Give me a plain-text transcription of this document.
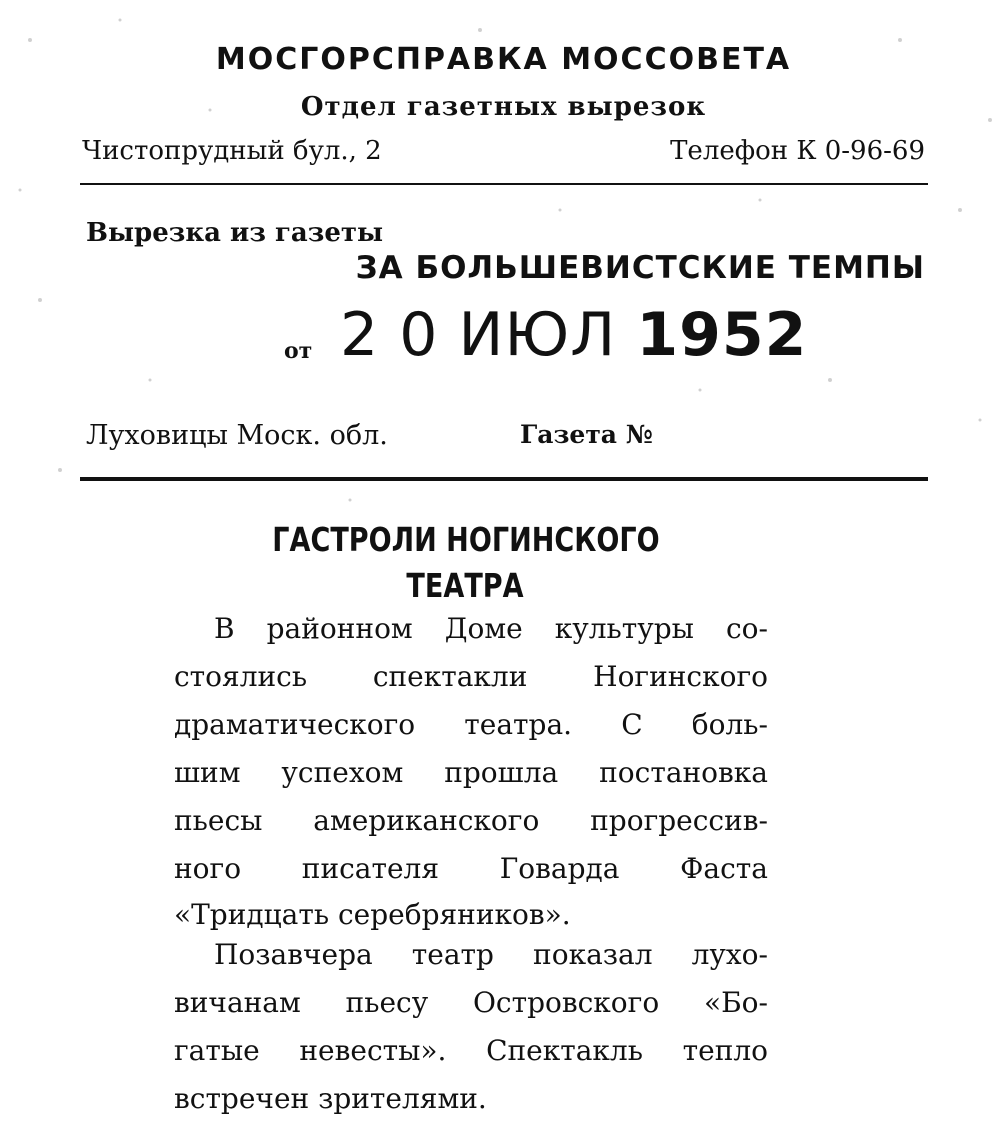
МОСГОРСПРАВКА МОССОВЕТА
Отдел газетных вырезок
Чистопрудный бул., 2	Телефон К 0-96-69
Вырезка из газеты
ЗА БОЛЬШЕВИСТСКИЕ ТЕМПЫ
от 2 0 ИЮЛ 1952
Луховицы Моск. обл.	Газета №
ГАСТРОЛИ НОГИНСКОГО
ТЕАТРА
В районном Доме культуры со-
стоялись спектакли Ногинского
драматического театра. С боль-
шим успехом прошла постановка
пьесы американского прогрессив-
ного писателя Говарда Фаста
«Тридцать серебряников».
Позавчера театр показал лухо-
вичанам пьесу Островского «Бо-
гатые невесты». Спектакль тепло
встречен зрителями.
